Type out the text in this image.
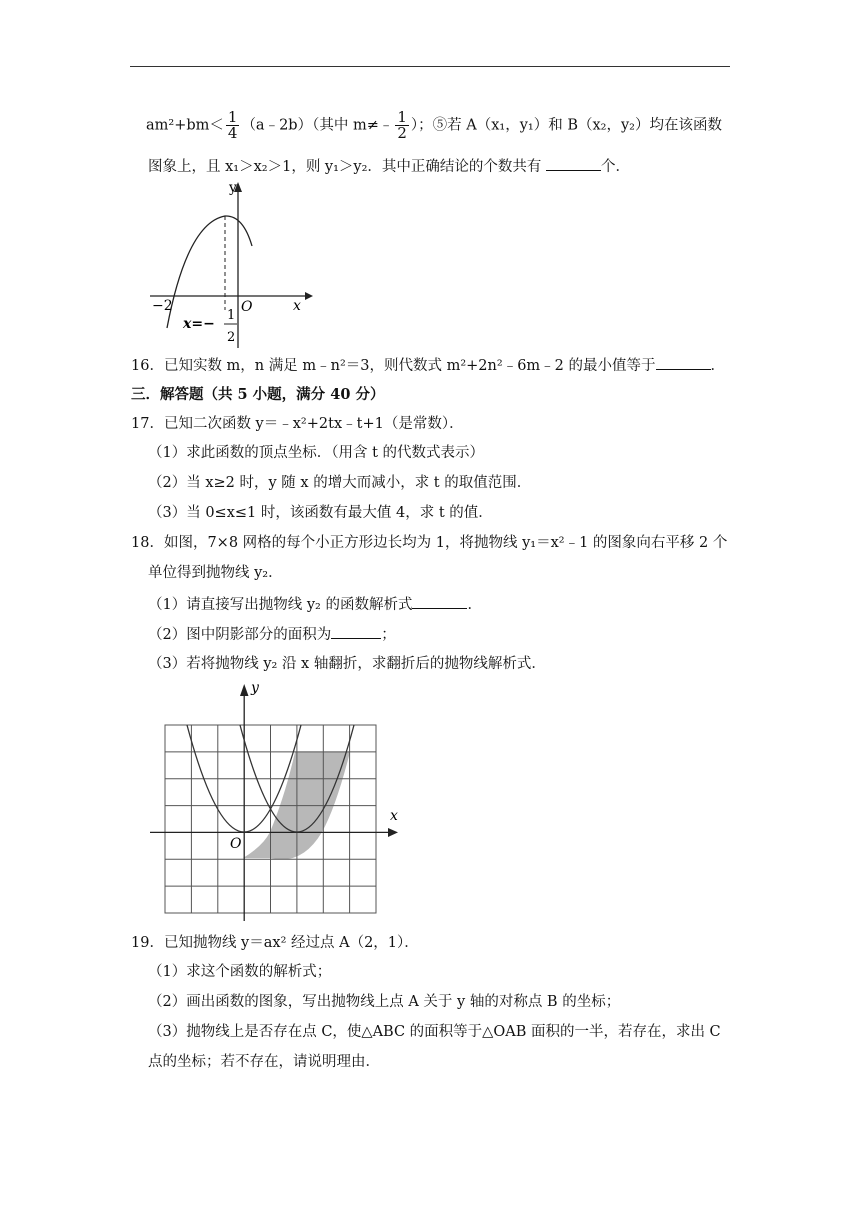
$am^2+bm< \frac{1}{4}$ （a﹣2b）（其中 m≠﹣ $\frac{1}{2}$ ）；⑤若 A（x₁，y₁）和 B（x₂，y₂）均在该函数
图象上，且 x₁＞x₂＞1，则 y₁＞y₂．其中正确结论的个数共有	个．
y
x
−2	O
x=−
1
2
16．已知实数 m，n 满足 m﹣n²＝3，则代数式 m²+2n²﹣6m﹣2 的最小值等于	．
三．解答题（共 5 小题，满分 40 分）
17．已知二次函数 y＝﹣x²+2tx﹣t+1（是常数）．
（1）求此函数的顶点坐标．（用含 t 的代数式表示）
（2）当 x≥2 时，y 随 x 的增大而减小，求 t 的取值范围．
（3）当 0≤x≤1 时，该函数有最大值 4，求 t 的值．
18．如图，7×8 网格的每个小正方形边长均为 1，将抛物线 y₁＝x²﹣1 的图象向右平移 2 个
单位得到抛物线 y₂．
（1）请直接写出抛物线 y₂ 的函数解析式	．
（2）图中阴影部分的面积为	；
（3）若将抛物线 y₂ 沿 x 轴翻折，求翻折后的抛物线解析式．
y
x
O
19．已知抛物线 y＝ax² 经过点 A（2，1）．
（1）求这个函数的解析式；
（2）画出函数的图象，写出抛物线上点 A 关于 y 轴的对称点 B 的坐标；
（3）抛物线上是否存在点 C，使△ABC 的面积等于△OAB 面积的一半，若存在，求出 C
点的坐标；若不存在，请说明理由．
